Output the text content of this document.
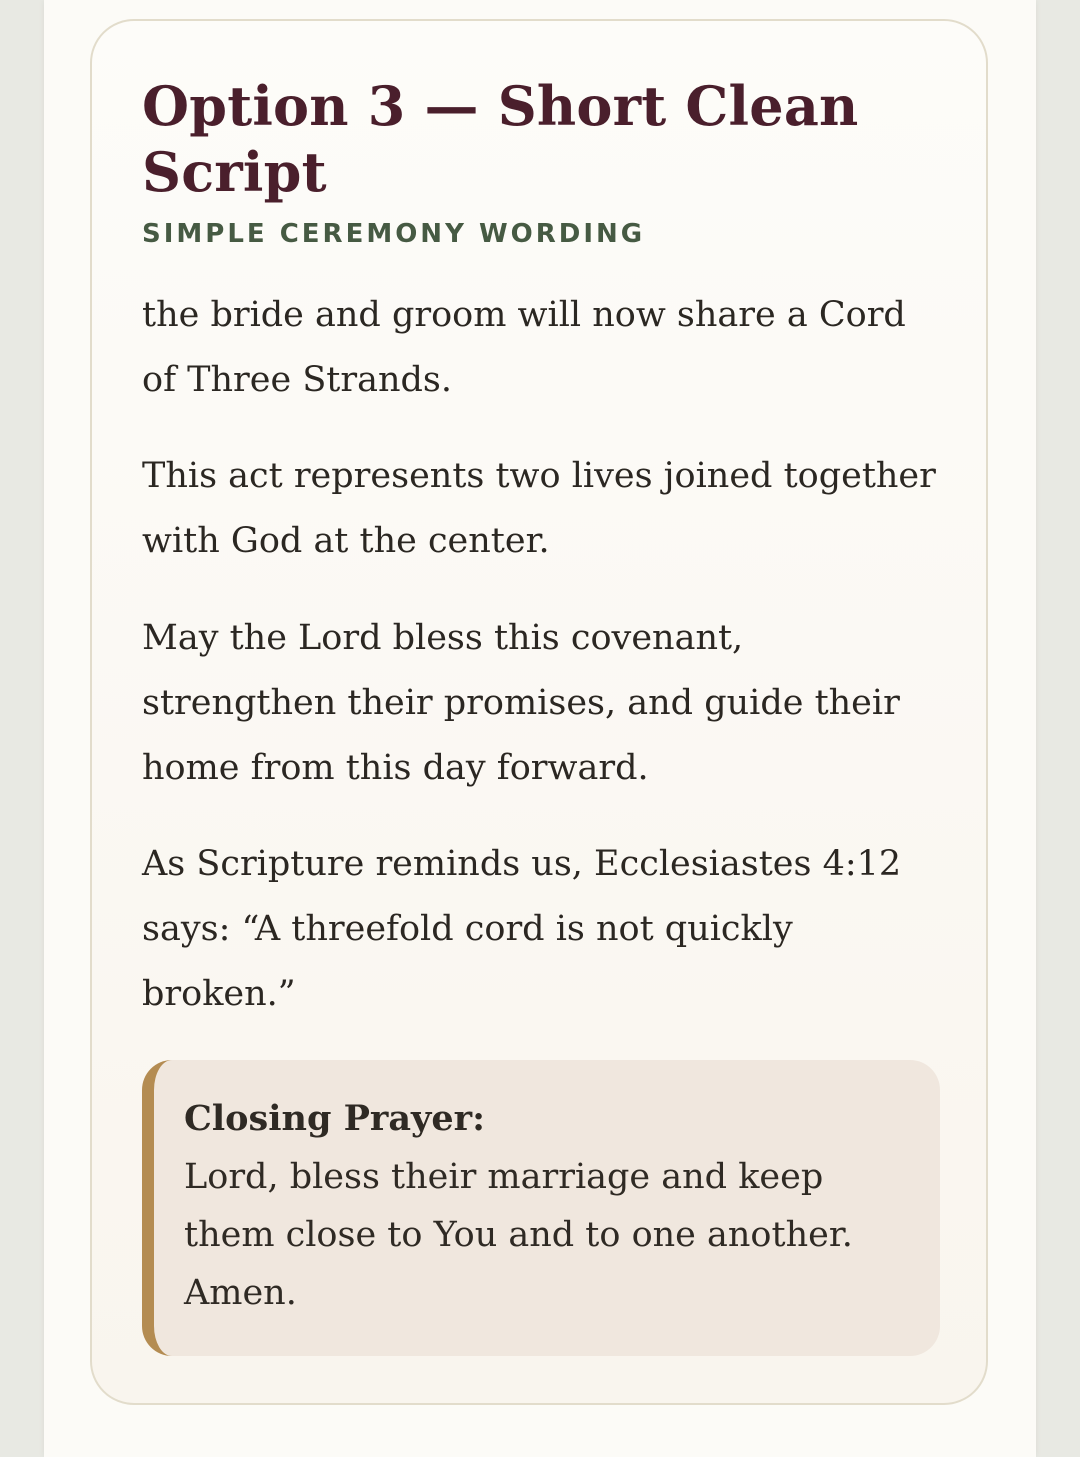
Option 3 — Short Clean Script
SIMPLE CEREMONY WORDING

the bride and groom will now share a Cord of Three Strands.

This act represents two lives joined together with God at the center.

May the Lord bless this covenant, strengthen their promises, and guide their home from this day forward.

As Scripture reminds us, Ecclesiastes 4:12 says: “A threefold cord is not quickly broken.”

Closing Prayer:

Lord, bless their marriage and keep them close to You and to one another. Amen.
